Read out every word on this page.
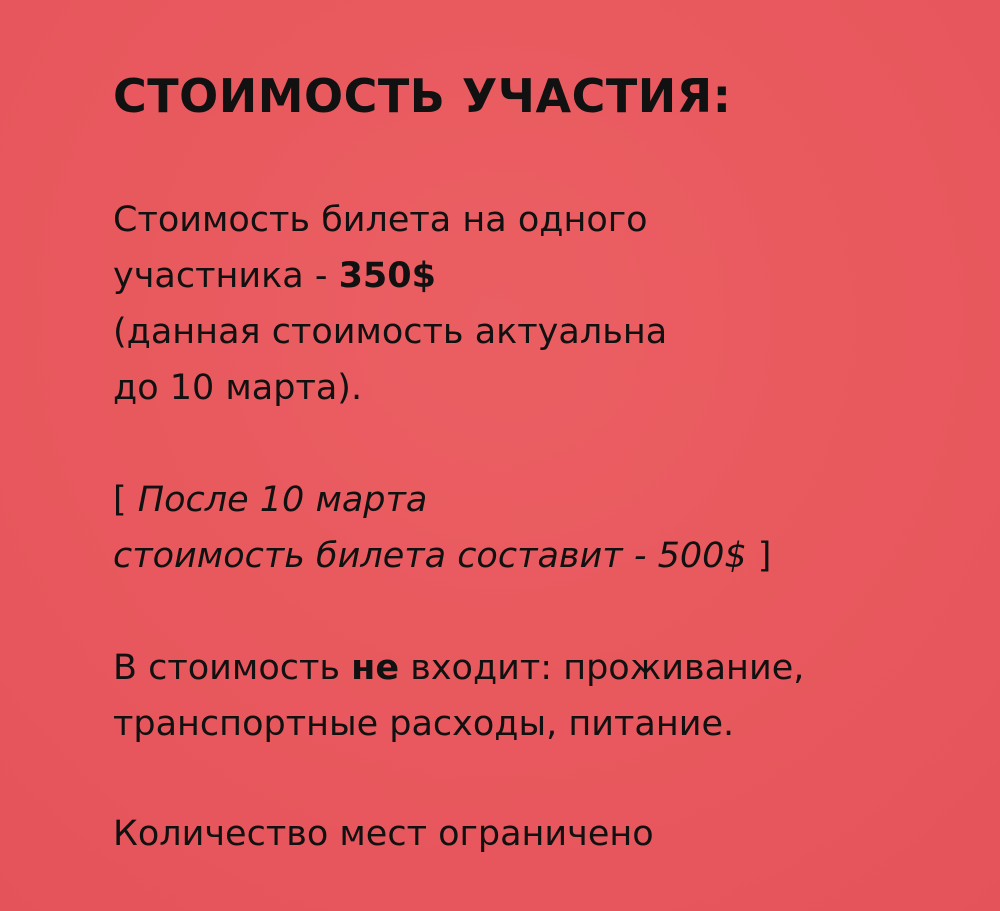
СТОИМОСТЬ УЧАСТИЯ:
Стоимость билета на одного
участника - 350$
(данная стоимость актуальна
до 10 марта).
[ После 10 марта
стоимость билета составит - 500$ ]
В стоимость не входит: проживание,
транспортные расходы, питание.
Количество мест ограничено
